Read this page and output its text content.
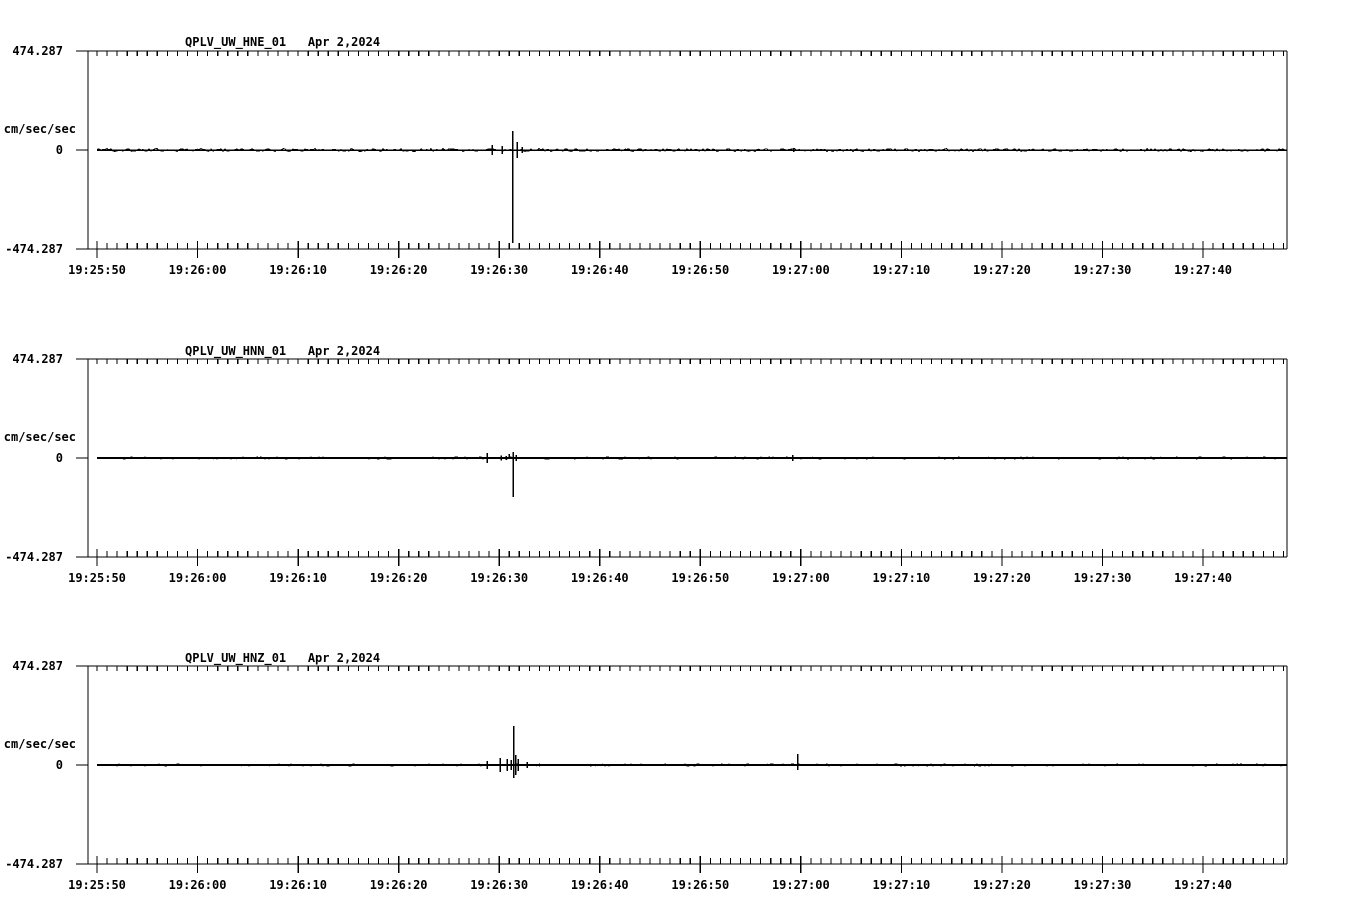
QPLV_UW_HNE_01   Apr 2,2024
474.287
cm/sec/sec
0
-474.287
QPLV_UW_HNN_01   Apr 2,2024
474.287
cm/sec/sec
0
-474.287
QPLV_UW_HNZ_01   Apr 2,2024
474.287
cm/sec/sec
0
-474.287
19:25:50	19:26:00	19:26:10	19:26:20	19:26:30	19:26:40	19:26:50	19:27:00	19:27:10	19:27:20	19:27:30	19:27:40
19:25:50	19:26:00	19:26:10	19:26:20	19:26:30	19:26:40	19:26:50	19:27:00	19:27:10	19:27:20	19:27:30	19:27:40
19:25:50	19:26:00	19:26:10	19:26:20	19:26:30	19:26:40	19:26:50	19:27:00	19:27:10	19:27:20	19:27:30	19:27:40
